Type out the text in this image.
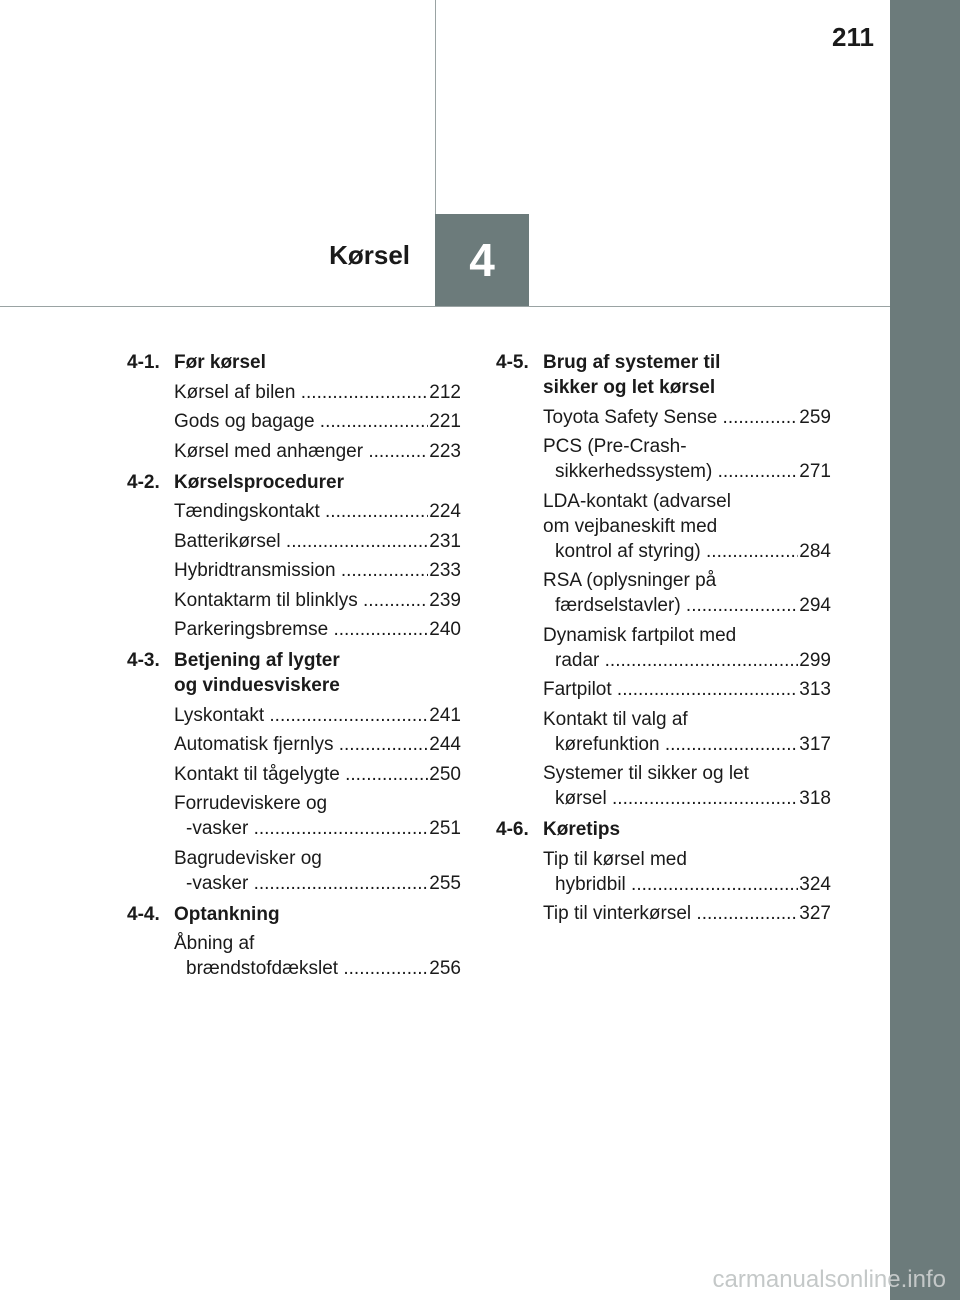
211
4
Kørsel
4-1. Før kørsel
Kørsel af bilen .....	212
Gods og bagage .....	221
Kørsel med anhænger .....	223
4-2. Kørselsprocedurer
Tændingskontakt .....	224
Batterikørsel .....	231
Hybridtransmission .....	233
Kontaktarm til blinklys .....	239
Parkeringsbremse .....	240
4-3. Betjening af lygter
og vinduesviskere
Lyskontakt .....	241
Automatisk fjernlys .....	244
Kontakt til tågelygte .....	250
Forrudeviskere og
-vasker .....	251
Bagrudevisker og
-vasker .....	255
4-4. Optankning
Åbning af
brændstofdækslet .....	256
4-5. Brug af systemer til
sikker og let kørsel
Toyota Safety Sense .....	259
PCS (Pre-Crash-
sikkerhedssystem) .....	271
LDA-kontakt (advarsel
om vejbaneskift med
kontrol af styring) .....	284
RSA (oplysninger på
færdselstavler) .....	294
Dynamisk fartpilot med
radar .....	299
Fartpilot .....	313
Kontakt til valg af
kørefunktion .....	317
Systemer til sikker og let
kørsel .....	318
4-6. Køretips
Tip til kørsel med
hybridbil .....	324
Tip til vinterkørsel .....	327
carmanualsonline.info
